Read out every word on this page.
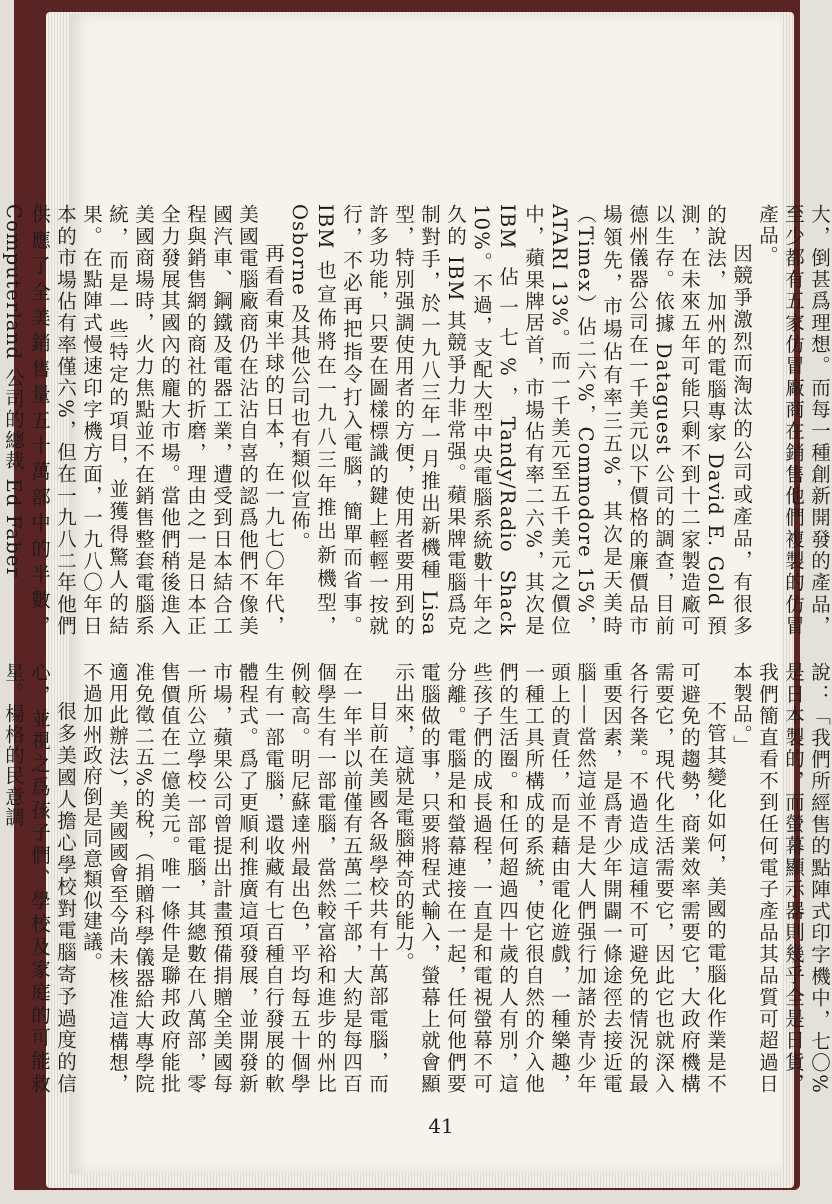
大，倒甚爲理想。而每一種創新開發的產品，至少都有五家仿冒廠商在銷售他們複製的仿冒產品。

因競爭激烈而淘汰的公司或產品，有很多的說法，加州的電腦專家 David E. Gold 預測，在未來五年可能只剩不到十二家製造廠可以生存。依據 Dataguest 公司的調查，目前德州儀器公司在一千美元以下價格的廉價品市場領先，市場佔有率三五%，其次是天美時（Timex）佔二六%，Commodore 15%，ATARI 13%。而一千美元至五千美元之價位中，蘋果牌居首，市場佔有率二六%，其次是 IBM 佔一七%，Tandy/Radio Shack 10%。不過，支配大型中央電腦系統數十年之久的 IBM 其競爭力非常强。蘋果牌電腦爲克制對手，於一九八三年一月推出新機種 Lisa 型，特別强調使用者的方便，使用者要用到的許多功能，只要在圖樣標識的鍵上輕輕一按就行，不必再把指令打入電腦，簡單而省事。IBM 也宣佈將在一九八三年推出新機型，Osborne 及其他公司也有類似宣佈。

再看看東半球的日本，在一九七〇年代，美國電腦廠商仍在沾沾自喜的認爲他們不像美國汽車、鋼鐵及電器工業，遭受到日本結合工程與銷售網的商社的折磨，理由之一是日本正全力發展其國內的龐大市場。當他們稍後進入美國商場時，火力焦點並不在銷售整套電腦系統，而是一些特定的項目，並獲得驚人的結果。在點陣式慢速印字機方面，一九八〇年日本的市場佔有率僅六%，但在一九八二年他們供應了全美銷售量五十萬部中的半數，Computerland 公司的總裁 Ed Faber

說：「我們所經售的點陣式印字機中，七〇%是日本製的，而螢幕顯示器則幾乎全是日貨，我們簡直看不到任何電子產品其品質可超過日本製品。」

不管其變化如何，美國的電腦化作業是不可避免的趨勢，商業效率需要它，大政府機構需要它，現代化生活需要它，因此它也就深入各行各業。不過造成這種不可避免的情況的最重要因素，是爲青少年開闢一條途徑去接近電腦——當然這並不是大人們强行加諸於青少年頭上的責任，而是藉由電化遊戲，一種樂趣，一種工具所構成的系統，使它很自然的介入他們的生活圈。和任何超過四十歲的人有別，這些孩子們的成長過程，一直是和電視螢幕不可分離。電腦是和螢幕連接在一起，任何他們要電腦做的事，只要將程式輸入，螢幕上就會顯示出來，這就是電腦神奇的能力。

目前在美國各級學校共有十萬部電腦，而在一年半以前僅有五萬二千部，大約是每四百個學生有一部電腦，當然較富裕和進步的州比例較高。明尼蘇達州最出色，平均每五十個學生有一部電腦，還收藏有七百種自行發展的軟體程式。爲了更順利推廣這項發展，並開發新市場，蘋果公司曾提出計畫預備捐贈全美國每一所公立學校一部電腦，其總數在八萬部，零售價值在二億美元。唯一條件是聯邦政府能批准免徵二五%的稅，（捐贈科學儀器給大專學院適用此辦法），美國國會至今尚未核准這構想，不過加州政府倒是同意類似建議。

很多美國人擔心學校對電腦寄予過度的信心，並視之爲孩子們、學校及家庭的可能救星。楊格的民意調

41
